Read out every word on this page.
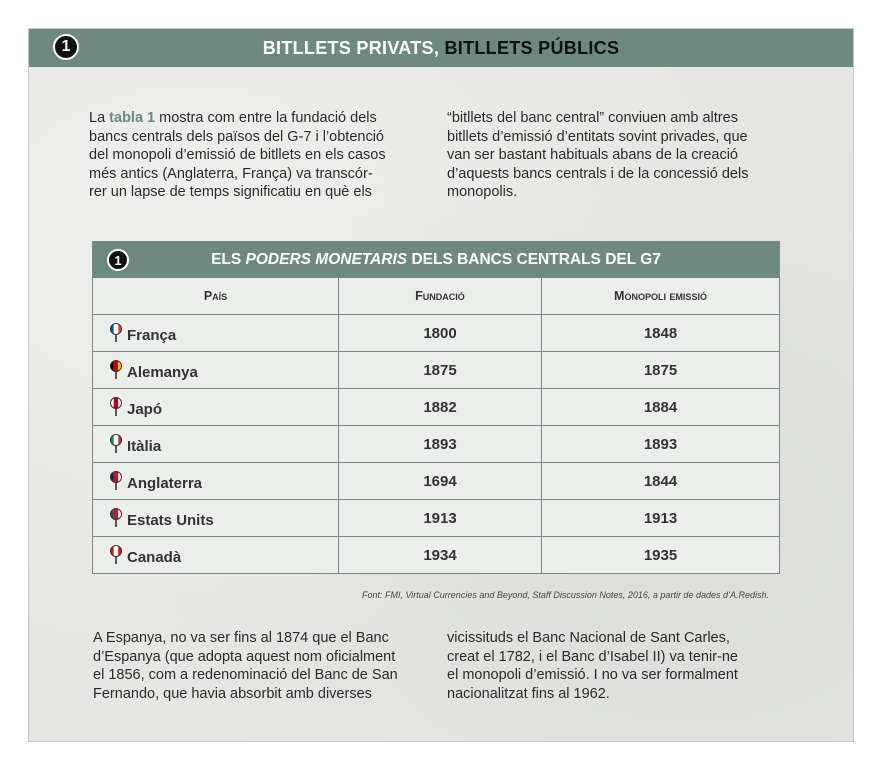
1	BITLLETS PRIVATS, BITLLETS PÚBLICS
La tabla 1 mostra com entre la fundació dels
bancs centrals dels països del G-7 i l’obtenció
del monopoli d’emissió de bitllets en els casos
més antics (Anglaterra, França) va transcór-
rer un lapse de temps significatiu en què els
“bitllets del banc central” conviuen amb altres
bitllets d’emissió d’entitats sovint privades, que
van ser bastant habituals abans de la creació
d’aquests bancs centrals i de la concessió dels
monopolis.
1	ELS PODERS MONETARIS DELS BANCS CENTRALS DEL G7
País	Fundació	Monopoli emissió
França	1800	1848
Alemanya	1875	1875
Japó	1882	1884
Itàlia	1893	1893
Anglaterra	1694	1844
Estats Units	1913	1913
Canadà	1934	1935
Font: FMI, Virtual Currencies and Beyond, Staff Discussion Notes, 2016, a partir de dades d’A.Redish.
A Espanya, no va ser fins al 1874 que el Banc
d’Espanya (que adopta aquest nom oficialment
el 1856, com a redenominació del Banc de San
Fernando, que havia absorbit amb diverses
vicissituds el Banc Nacional de Sant Carles,
creat el 1782, i el Banc d’Isabel II) va tenir-ne
el monopoli d’emissió. I no va ser formalment
nacionalitzat fins al 1962.
